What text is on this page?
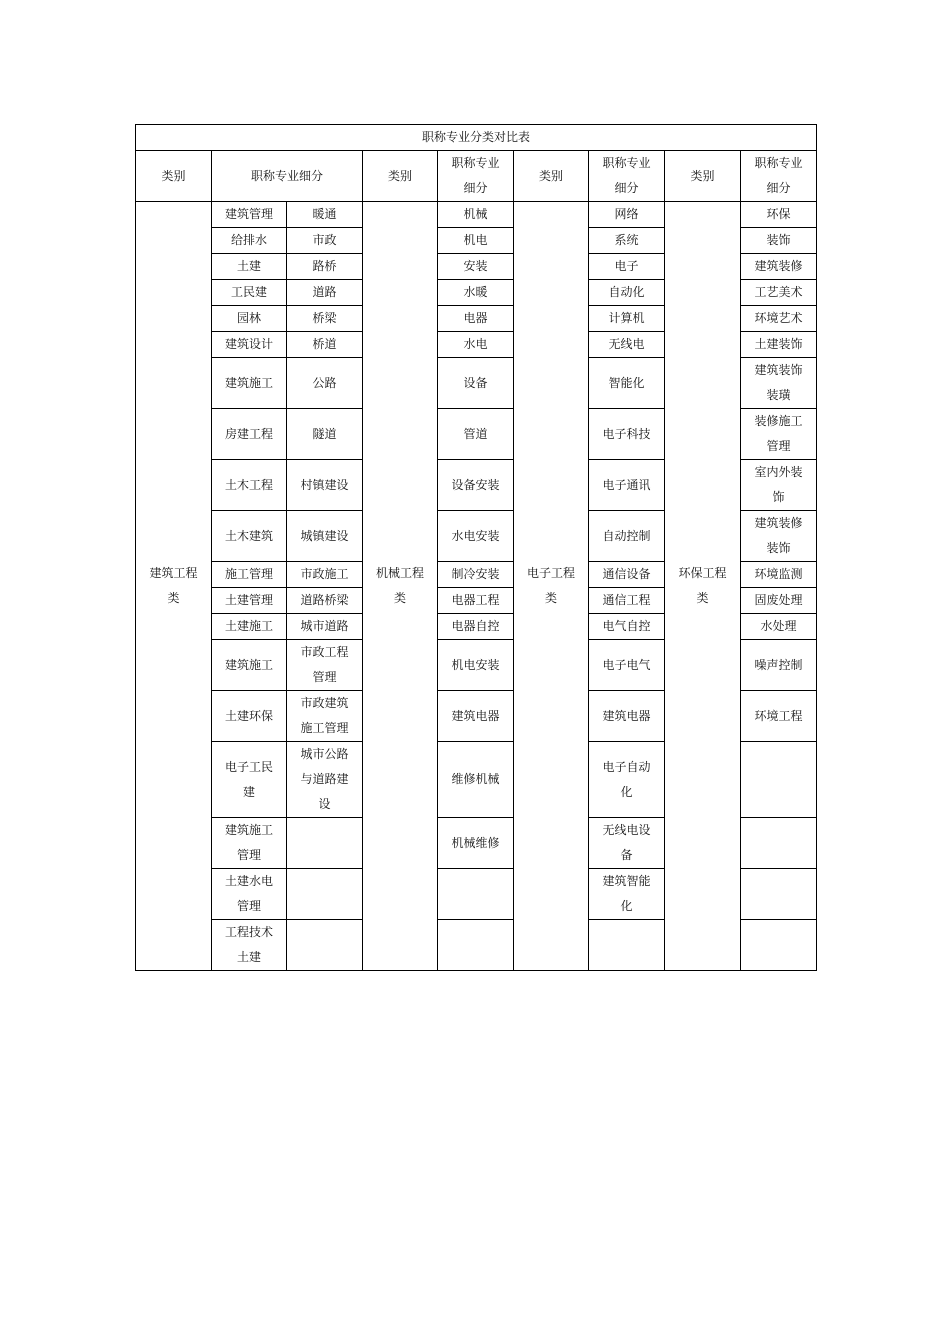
职称专业分类对比表								
类别	职称专业细分		类别	职称专业细分	类别	职称专业细分	类别	职称专业细分
建筑工程类	建筑管理	暖通	机械工程类	机械	电子工程类	网络	环保工程类	环保
	给排水	市政		机电		系统		装饰
	土建	路桥		安装		电子		建筑装修
	工民建	道路		水暖		自动化		工艺美术
	园林	桥梁		电器		计算机		环境艺术
	建筑设计	桥道		水电		无线电		土建装饰
	建筑施工	公路		设备		智能化		建筑装饰装璜
	房建工程	隧道		管道		电子科技		装修施工管理
	土木工程	村镇建设		设备安装		电子通讯		室内外装饰
	土木建筑	城镇建设		水电安装		自动控制		建筑装修装饰
	施工管理	市政施工		制冷安装		通信设备		环境监测
	土建管理	道路桥梁		电器工程		通信工程		固废处理
	土建施工	城市道路		电器自控		电气自控		水处理
	建筑施工	市政工程管理		机电安装		电子电气		噪声控制
	土建环保	市政建筑施工管理		建筑电器		建筑电器		环境工程
	电子工民建	城市公路与道路建设		维修机械		电子自动化		
	建筑施工管理			机械维修		无线电设备		
	土建水电管理					建筑智能化		
	工程技术土建							
